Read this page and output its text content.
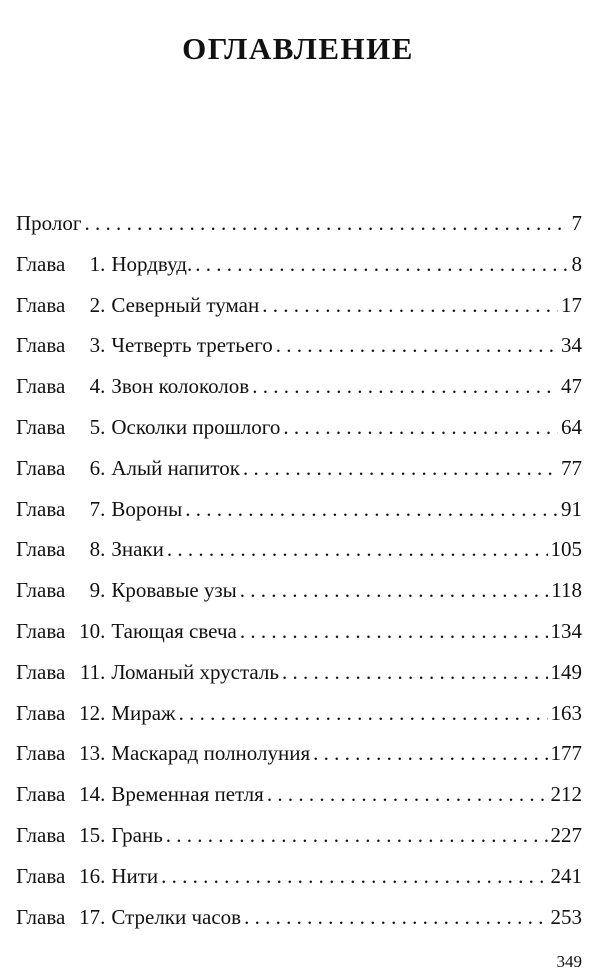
ОГЛАВЛЕНИЕ
Пролог . . .	7
Глава 1. Нордвуд. . . .	8
Глава 2. Северный туман . . .	17
Глава 3. Четверть третьего . . .	34
Глава 4. Звон колоколов . . .	47
Глава 5. Осколки прошлого . . .	64
Глава 6. Алый напиток . . .	77
Глава 7. Вороны . . .	91
Глава 8. Знаки . . .	105
Глава 9. Кровавые узы . . .	118
Глава 10. Тающая свеча . . .	134
Глава 11. Ломаный хрусталь . . .	149
Глава 12. Мираж . . .	163
Глава 13. Маскарад полнолуния . . .	177
Глава 14. Временная петля . . .	212
Глава 15. Грань . . .	227
Глава 16. Нити . . .	241
Глава 17. Стрелки часов . . .	253
349
